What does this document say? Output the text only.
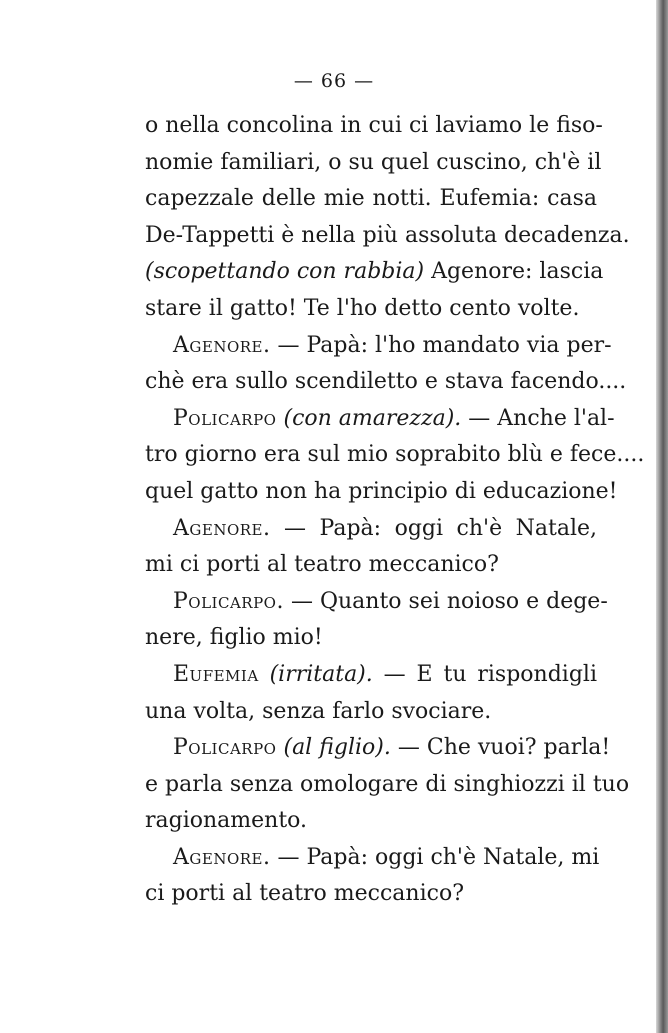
— 66 —
o nella concolina in cui ci laviamo le fiso-
nomie familiari, o su quel cuscino, ch'è il
capezzale delle mie notti. Eufemia: casa
De-Tappetti è nella più assoluta decadenza.
(scopettando con rabbia) Agenore: lascia
stare il gatto! Te l'ho detto cento volte.
Agenore. — Papà: l'ho mandato via per-
chè era sullo scendiletto e stava facendo....
Policarpo (con amarezza). — Anche l'al-
tro giorno era sul mio soprabito blù e fece....
quel gatto non ha principio di educazione!
Agenore. — Papà: oggi ch'è Natale,
mi ci porti al teatro meccanico?
Policarpo. — Quanto sei noioso e dege-
nere, figlio mio!
Eufemia (irritata). — E tu rispondigli
una volta, senza farlo svociare.
Policarpo (al figlio). — Che vuoi? parla!
e parla senza omologare di singhiozzi il tuo
ragionamento.
Agenore. — Papà: oggi ch'è Natale, mi
ci porti al teatro meccanico?
